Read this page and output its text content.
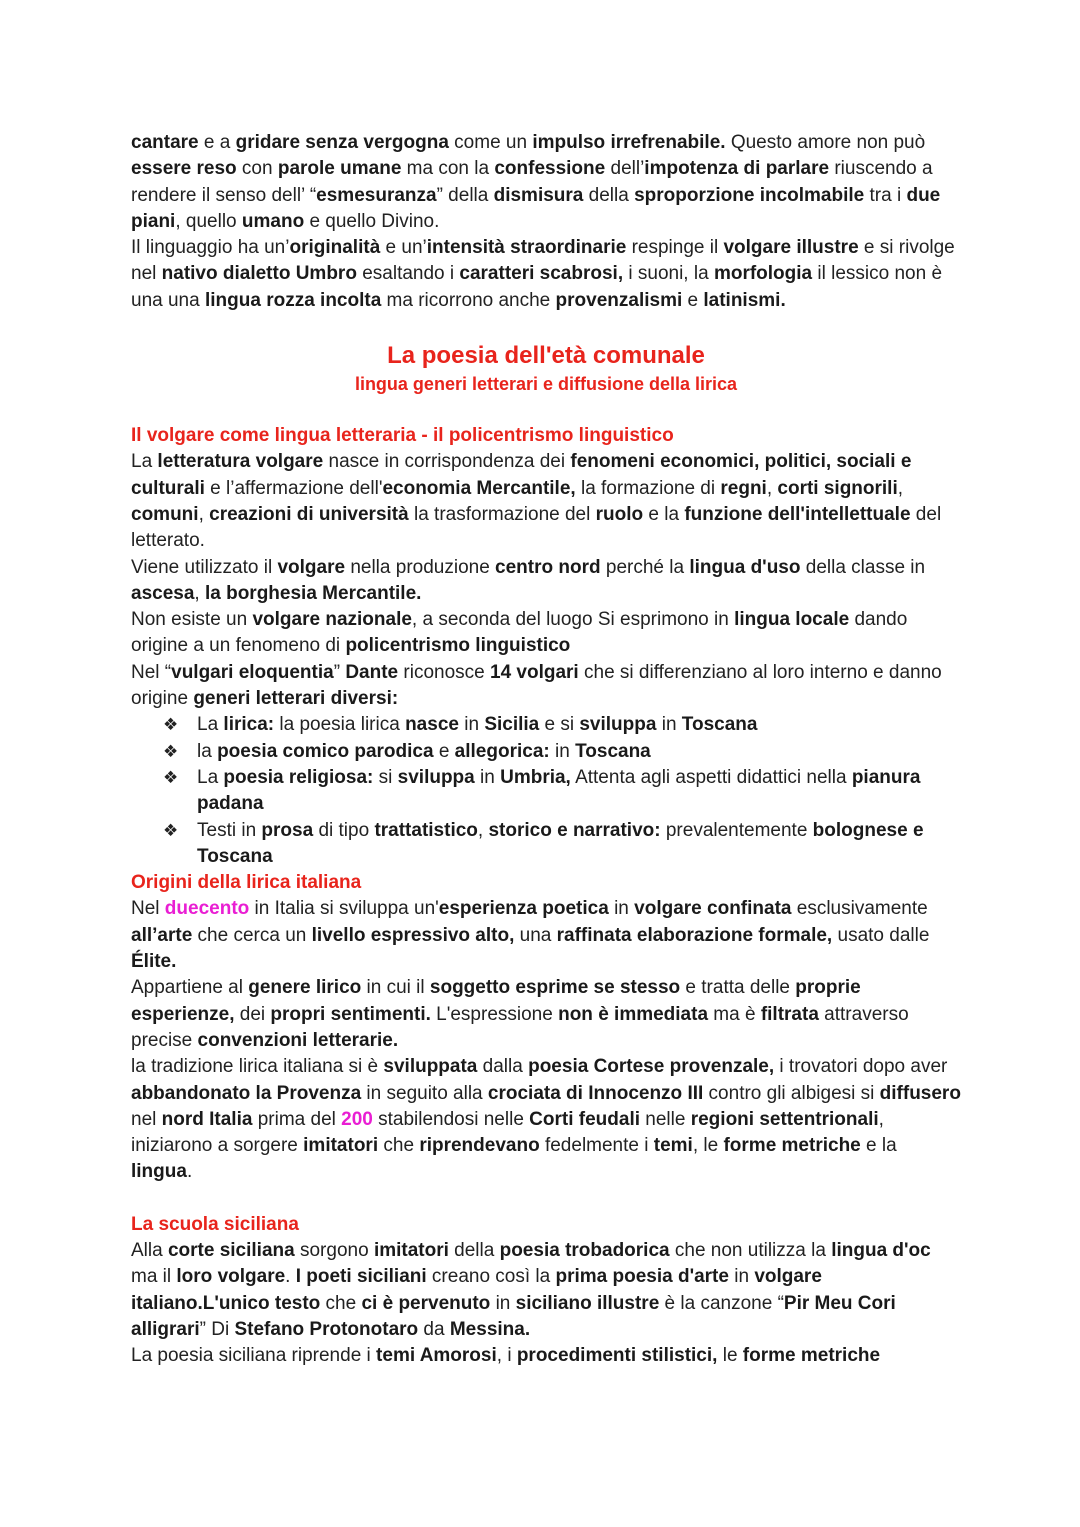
cantare e a gridare senza vergogna come un impulso irrefrenabile. Questo amore non può essere reso con parole umane ma con la confessione dell’impotenza di parlare riuscendo a rendere il senso dell’ “esmesuranza” della dismisura della sproporzione incolmabile tra i due piani, quello umano e quello Divino.

Il linguaggio ha un’originalità e un’intensità straordinarie respinge il volgare illustre e si rivolge nel nativo dialetto Umbro esaltando i caratteri scabrosi, i suoni, la morfologia il lessico non è una una lingua rozza incolta ma ricorrono anche provenzalismi e latinismi.

La poesia dell'età comunale
lingua generi letterari e diffusione della lirica
Il volgare come lingua letteraria - il policentrismo linguistico

La letteratura volgare nasce in corrispondenza dei fenomeni economici, politici, sociali e culturali e l’affermazione dell'economia Mercantile, la formazione di regni, corti signorili, comuni, creazioni di università la trasformazione del ruolo e la funzione dell'intellettuale del letterato.

Viene utilizzato il volgare nella produzione centro nord perché la lingua d'uso della classe in ascesa, la borghesia Mercantile.

Non esiste un volgare nazionale, a seconda del luogo Si esprimono in lingua locale dando origine a un fenomeno di policentrismo linguistico

Nel “vulgari eloquentia” Dante riconosce 14 volgari che si differenziano al loro interno e danno origine generi letterari diversi:

❖ La lirica: la poesia lirica nasce in Sicilia e si sviluppa in Toscana
❖ la poesia comico parodica e allegorica: in Toscana
❖ La poesia religiosa: si sviluppa in Umbria, Attenta agli aspetti didattici nella pianura padana
❖ Testi in prosa di tipo trattatistico, storico e narrativo: prevalentemente bolognese e Toscana
Origini della lirica italiana

Nel duecento in Italia si sviluppa un'esperienza poetica in volgare confinata esclusivamente all’arte che cerca un livello espressivo alto, una raffinata elaborazione formale, usato dalle Élite.

Appartiene al genere lirico in cui il soggetto esprime se stesso e tratta delle proprie esperienze, dei propri sentimenti. L'espressione non è immediata ma è filtrata attraverso precise convenzioni letterarie.

la tradizione lirica italiana si è sviluppata dalla poesia Cortese provenzale, i trovatori dopo aver abbandonato la Provenza in seguito alla crociata di Innocenzo III contro gli albigesi si diffusero nel nord Italia prima del 200 stabilendosi nelle Corti feudali nelle regioni settentrionali, iniziarono a sorgere imitatori che riprendevano fedelmente i temi, le forme metriche e la lingua.

La scuola siciliana

Alla corte siciliana sorgono imitatori della poesia trobadorica che non utilizza la lingua d'oc ma il loro volgare. I poeti siciliani creano così la prima poesia d'arte in volgare italiano.L'unico testo che ci è pervenuto in siciliano illustre è la canzone “Pir Meu Cori alligrari” Di Stefano Protonotaro da Messina.

La poesia siciliana riprende i temi Amorosi, i procedimenti stilistici, le forme metriche
